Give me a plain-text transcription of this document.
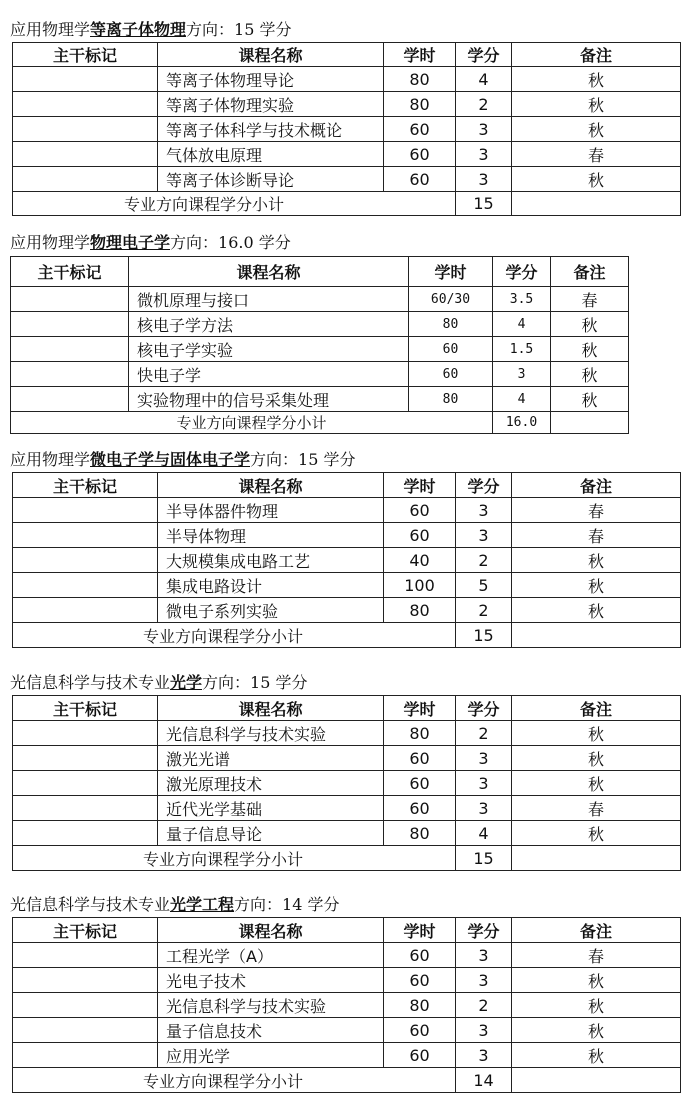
应用物理学等离子体物理方向：15 学分
主干标记	课程名称	学时	学分	备注
	等离子体物理导论	80	4	秋
	等离子体物理实验	80	2	秋
	等离子体科学与技术概论	60	3	秋
	气体放电原理	60	3	春
	等离子体诊断导论	60	3	秋
专业方向课程学分小计			15	
应用物理学物理电子学方向：16.0 学分
主干标记	课程名称	学时	学分	备注
	微机原理与接口	60/30	3.5	春
	核电子学方法	80	4	秋
	核电子学实验	60	1.5	秋
	快电子学	60	3	秋
	实验物理中的信号采集处理	80	4	秋
专业方向课程学分小计			16.0	
应用物理学微电子学与固体电子学方向：15 学分
主干标记	课程名称	学时	学分	备注
	半导体器件物理	60	3	春
	半导体物理	60	3	春
	大规模集成电路工艺	40	2	秋
	集成电路设计	100	5	秋
	微电子系列实验	80	2	秋
专业方向课程学分小计			15	
光信息科学与技术专业光学方向：15 学分
主干标记	课程名称	学时	学分	备注
	光信息科学与技术实验	80	2	秋
	激光光谱	60	3	秋
	激光原理技术	60	3	秋
	近代光学基础	60	3	春
	量子信息导论	80	4	秋
专业方向课程学分小计			15	
光信息科学与技术专业光学工程方向：14 学分
主干标记	课程名称	学时	学分	备注
	工程光学（A）	60	3	春
	光电子技术	60	3	秋
	光信息科学与技术实验	80	2	秋
	量子信息技术	60	3	秋
	应用光学	60	3	秋
专业方向课程学分小计			14	
